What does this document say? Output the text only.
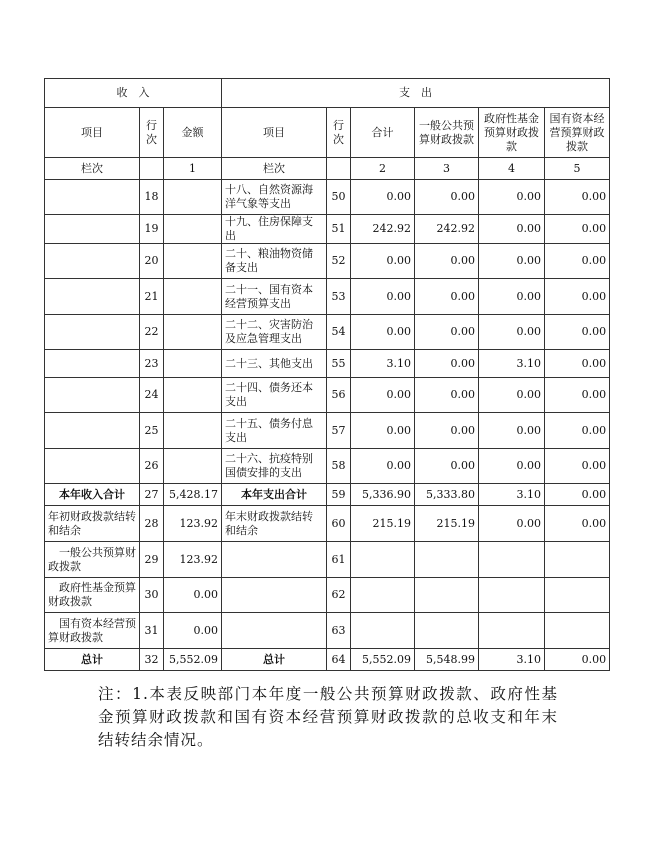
收　入			支　出					
项目	行次	金额	项目	行次	合计	一般公共预算财政拨款	政府性基金预算财政拨款	国有资本经营预算财政拨款
栏次		1	栏次		2	3	4	5
	18		十八、自然资源海洋气象等支出	50	0.00	0.00	0.00	0.00
	19		十九、住房保障支出	51	242.92	242.92	0.00	0.00
	20		二十、粮油物资储备支出	52	0.00	0.00	0.00	0.00
	21		二十一、国有资本经营预算支出	53	0.00	0.00	0.00	0.00
	22		二十二、灾害防治及应急管理支出	54	0.00	0.00	0.00	0.00
	23		二十三、其他支出	55	3.10	0.00	3.10	0.00
	24		二十四、债务还本支出	56	0.00	0.00	0.00	0.00
	25		二十五、债务付息支出	57	0.00	0.00	0.00	0.00
	26		二十六、抗疫特别国债安排的支出	58	0.00	0.00	0.00	0.00
本年收入合计	27	5,428.17	本年支出合计	59	5,336.90	5,333.80	3.10	0.00
年初财政拨款结转和结余	28	123.92	年末财政拨款结转和结余	60	215.19	215.19	0.00	0.00
一般公共预算财政拨款	29	123.92		61				
政府性基金预算财政拨款	30	0.00		62				
国有资本经营预算财政拨款	31	0.00		63				
总计	32	5,552.09	总计	64	5,552.09	5,548.99	3.10	0.00
注：1.本表反映部门本年度一般公共预算财政拨款、政府性基金预算财政拨款和国有资本经营预算财政拨款的总收支和年末结转结余情况。
